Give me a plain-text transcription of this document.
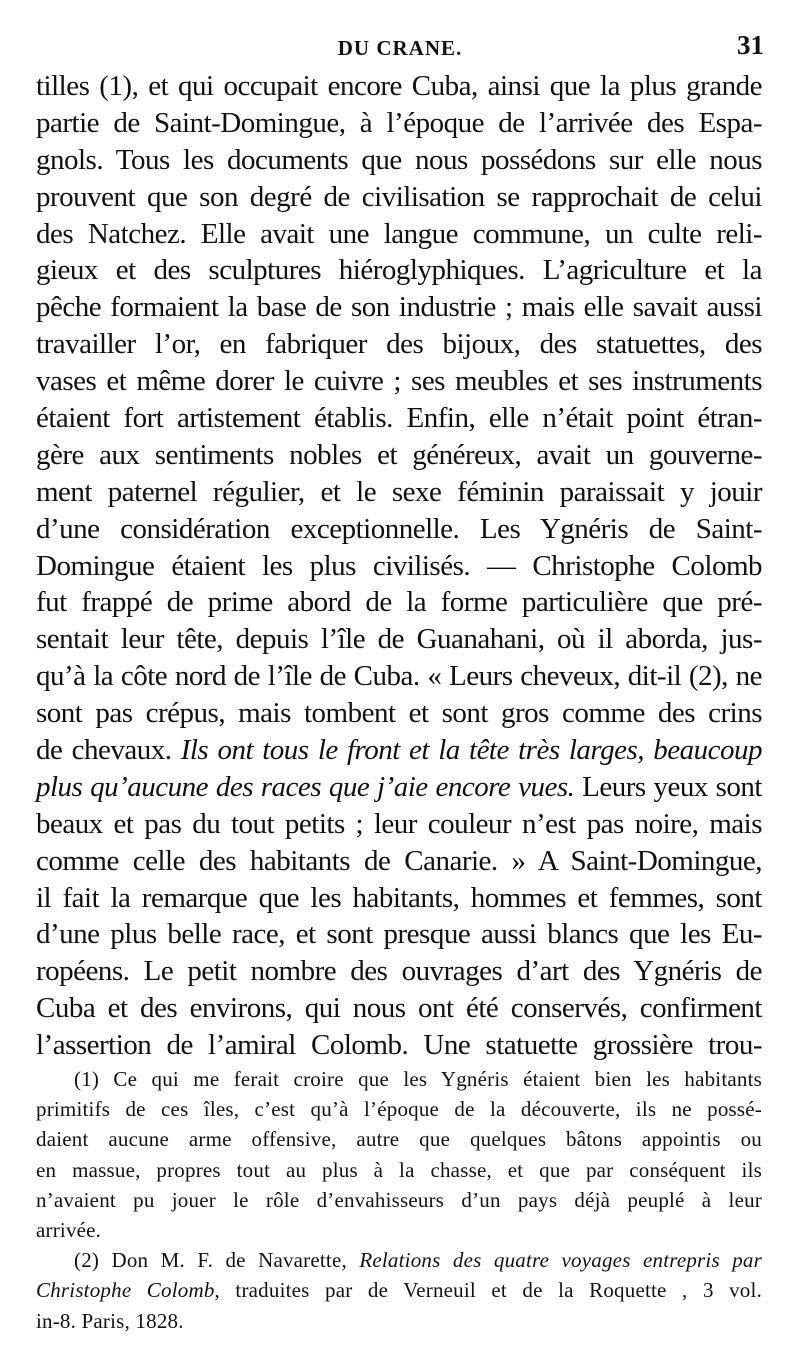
DU CRANE.	31
tilles (1), et qui occupait encore Cuba, ainsi que la plus grande
partie de Saint-Domingue, à l’époque de l’arrivée des Espa-
gnols. Tous les documents que nous possédons sur elle nous
prouvent que son degré de civilisation se rapprochait de celui
des Natchez. Elle avait une langue commune, un culte reli-
gieux et des sculptures hiéroglyphiques. L’agriculture et la
pêche formaient la base de son industrie ; mais elle savait aussi
travailler l’or, en fabriquer des bijoux, des statuettes, des
vases et même dorer le cuivre ; ses meubles et ses instruments
étaient fort artistement établis. Enfin, elle n’était point étran-
gère aux sentiments nobles et généreux, avait un gouverne-
ment paternel régulier, et le sexe féminin paraissait y jouir
d’une considération exceptionnelle. Les Ygnéris de Saint-
Domingue étaient les plus civilisés. — Christophe Colomb
fut frappé de prime abord de la forme particulière que pré-
sentait leur tête, depuis l’île de Guanahani, où il aborda, jus-
qu’à la côte nord de l’île de Cuba. « Leurs cheveux, dit-il (2), ne
sont pas crépus, mais tombent et sont gros comme des crins
de chevaux. Ils ont tous le front et la tête très larges, beaucoup
plus qu’aucune des races que j’aie encore vues. Leurs yeux sont
beaux et pas du tout petits ; leur couleur n’est pas noire, mais
comme celle des habitants de Canarie. » A Saint-Domingue,
il fait la remarque que les habitants, hommes et femmes, sont
d’une plus belle race, et sont presque aussi blancs que les Eu-
ropéens. Le petit nombre des ouvrages d’art des Ygnéris de
Cuba et des environs, qui nous ont été conservés, confirment
l’assertion de l’amiral Colomb. Une statuette grossière trou-
(1) Ce qui me ferait croire que les Ygnéris étaient bien les habitants
primitifs de ces îles, c’est qu’à l’époque de la découverte, ils ne possé-
daient aucune arme offensive, autre que quelques bâtons appointis ou
en massue, propres tout au plus à la chasse, et que par conséquent ils
n’avaient pu jouer le rôle d’envahisseurs d’un pays déjà peuplé à leur
arrivée.
(2) Don M. F. de Navarette, Relations des quatre voyages entrepris par
Christophe Colomb, traduites par de Verneuil et de la Roquette , 3 vol.
in-8. Paris, 1828.
